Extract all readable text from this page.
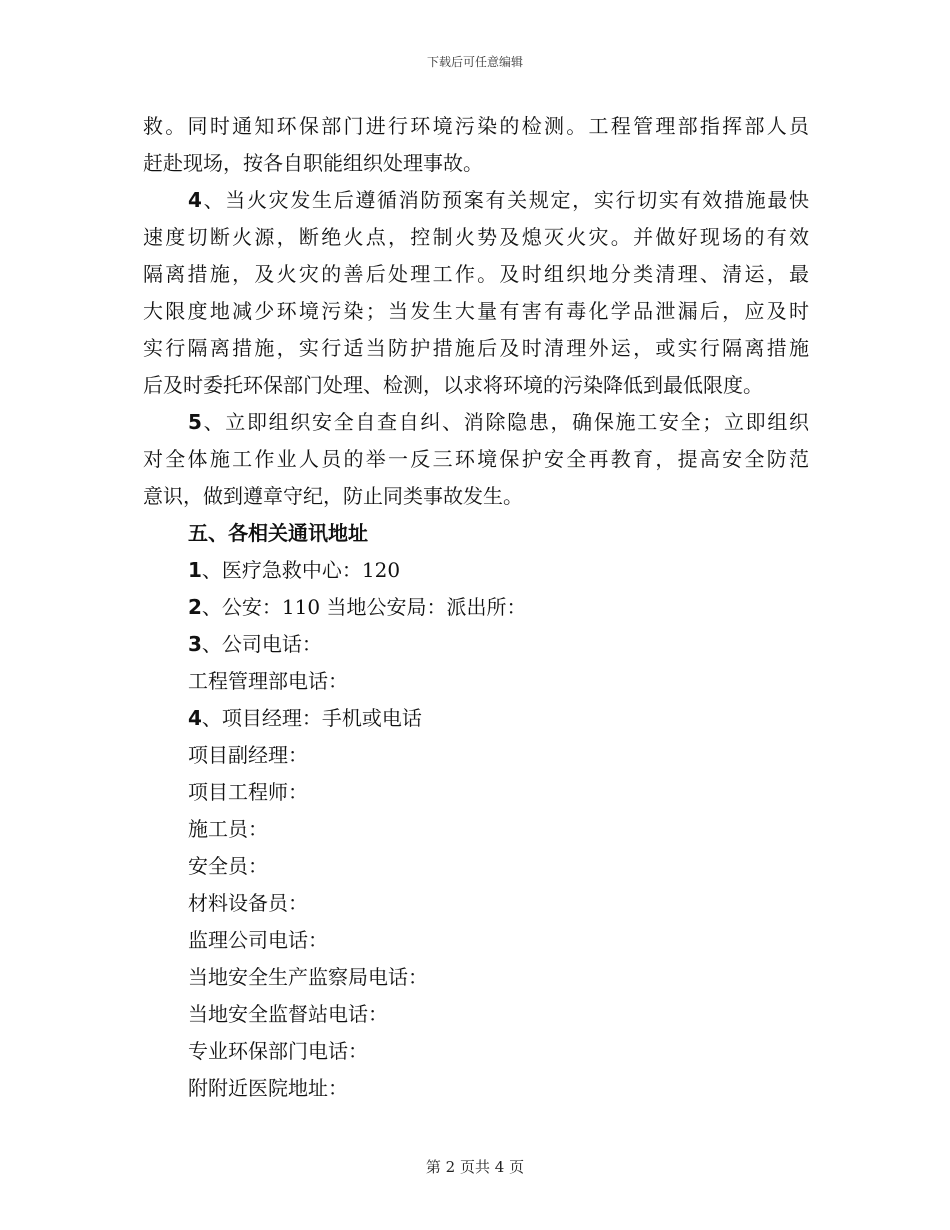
下载后可任意编辑
救。同时通知环保部门进行环境污染的检测。工程管理部指挥部人员
赶赴现场，按各自职能组织处理事故。
4、当火灾发生后遵循消防预案有关规定，实行切实有效措施最快
速度切断火源，断绝火点，控制火势及熄灭火灾。并做好现场的有效
隔离措施，及火灾的善后处理工作。及时组织地分类清理、清运，最
大限度地减少环境污染；当发生大量有害有毒化学品泄漏后，应及时
实行隔离措施，实行适当防护措施后及时清理外运，或实行隔离措施
后及时委托环保部门处理、检测，以求将环境的污染降低到最低限度。
5、立即组织安全自查自纠、消除隐患，确保施工安全；立即组织
对全体施工作业人员的举一反三环境保护安全再教育，提高安全防范
意识，做到遵章守纪，防止同类事故发生。
五、各相关通讯地址
1、医疗急救中心：120
2、公安：110 当地公安局：派出所：
3、公司电话：
工程管理部电话：
4、项目经理：手机或电话
项目副经理：
项目工程师：
施工员：
安全员：
材料设备员：
监理公司电话：
当地安全生产监察局电话：
当地安全监督站电话：
专业环保部门电话：
附附近医院地址：
第 2 页共 4 页
